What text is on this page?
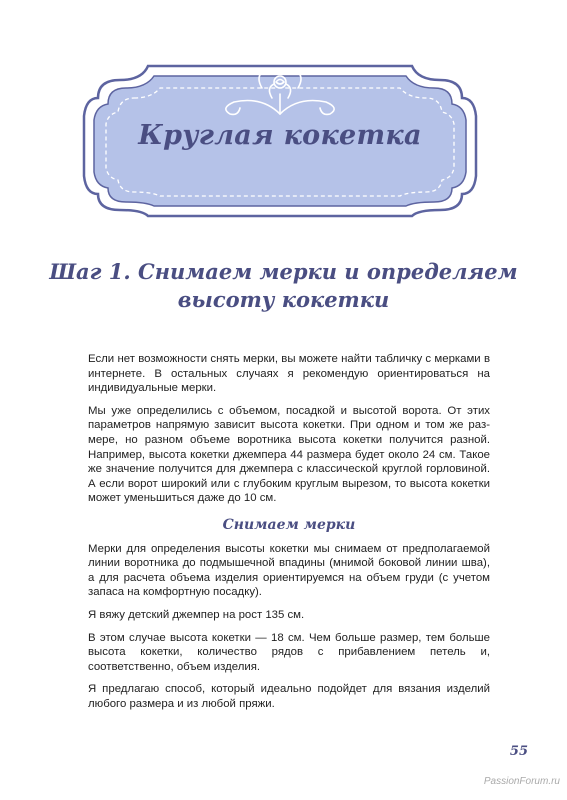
Круглая кокетка
Шаг 1. Снимаем мерки и определяем
высоту кокетки

Если нет возможности снять мерки, вы можете найти табличку с мерками в интернете. В остальных случаях я рекомендую ориентироваться на индивидуальные мерки.

Мы уже определились с объемом, посадкой и высотой ворота. От этих параметров напрямую зависит высота кокетки. При одном и том же размере, но разном объеме воротника высота кокетки получится разной. Например, высота кокетки джемпера 44 размера будет около 24 см. Такое же значение получится для джемпера с классической круглой горловиной. А если ворот широкий или с глубоким круглым вырезом, то высота кокетки может уменьшиться даже до 10 см.

Снимаем мерки

Мерки для определения высоты кокетки мы снимаем от предполагаемой линии воротника до подмышечной впадины (мнимой боковой линии шва), а для расчета объема изделия ориентируемся на объем груди (с учетом запаса на комфортную посадку).

Я вяжу детский джемпер на рост 135 см.

В этом случае высота кокетки — 18 см. Чем больше размер, тем больше высота кокетки, количество рядов с прибавлением петель и, соответственно, объем изделия.

Я предлагаю способ, который идеально подойдет для вязания изделий любого размера и из любой пряжи.

55
PassionForum.ru
